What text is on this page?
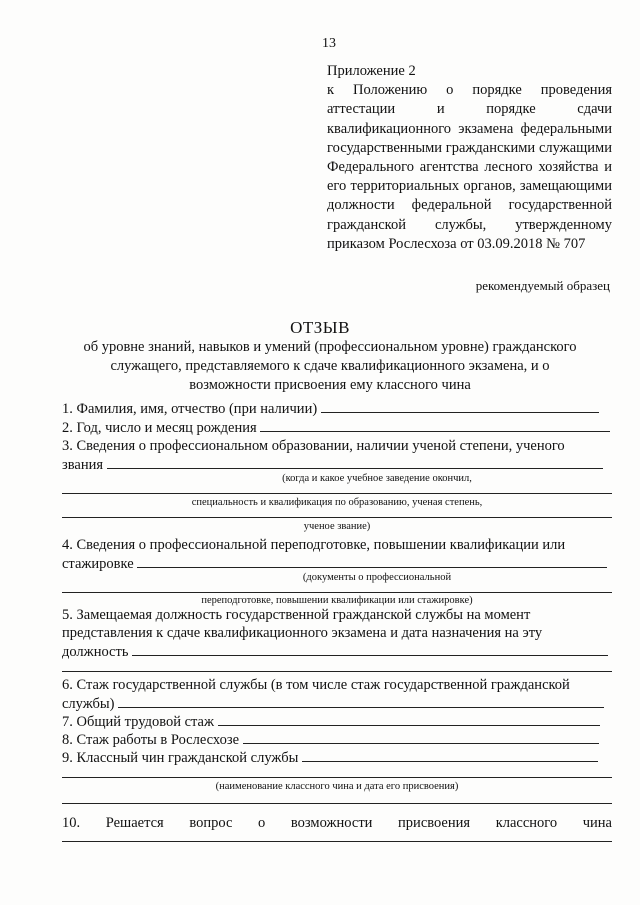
13
Приложение 2
к Положению о порядке проведения аттестации и порядке сдачи квалификационного экзамена федеральными государственными гражданскими служащими Федерального агентства лесного хозяйства и его территориальных органов, замещающими должности федеральной государственной гражданской службы, утвержденному приказом Рослесхоза от 03.09.2018 № 707
рекомендуемый образец
ОТЗЫВ
об уровне знаний, навыков и умений (профессиональном уровне) гражданского служащего, представляемого к сдаче квалификационного экзамена, и о возможности присвоения ему классного чина
1. Фамилия, имя, отчество (при наличии)
2. Год, число и месяц рождения
3. Сведения о профессиональном образовании, наличии ученой степени, ученого
звания
(когда и какое учебное заведение окончил,
специальность и квалификация по образованию, ученая степень,
ученое звание)
4. Сведения о профессиональной переподготовке, повышении квалификации или
стажировке
(документы о профессиональной
переподготовке, повышении квалификации или стажировке)
5. Замещаемая должность государственной гражданской службы на момент
представления к сдаче квалификационного экзамена и дата назначения на эту
должность
6. Стаж государственной службы (в том числе стаж государственной гражданской
службы)
7. Общий трудовой стаж
8. Стаж работы в Рослесхозе
9. Классный чин гражданской службы
(наименование классного чина и дата его присвоения)
10. Решается вопрос о возможности присвоения классного чина
